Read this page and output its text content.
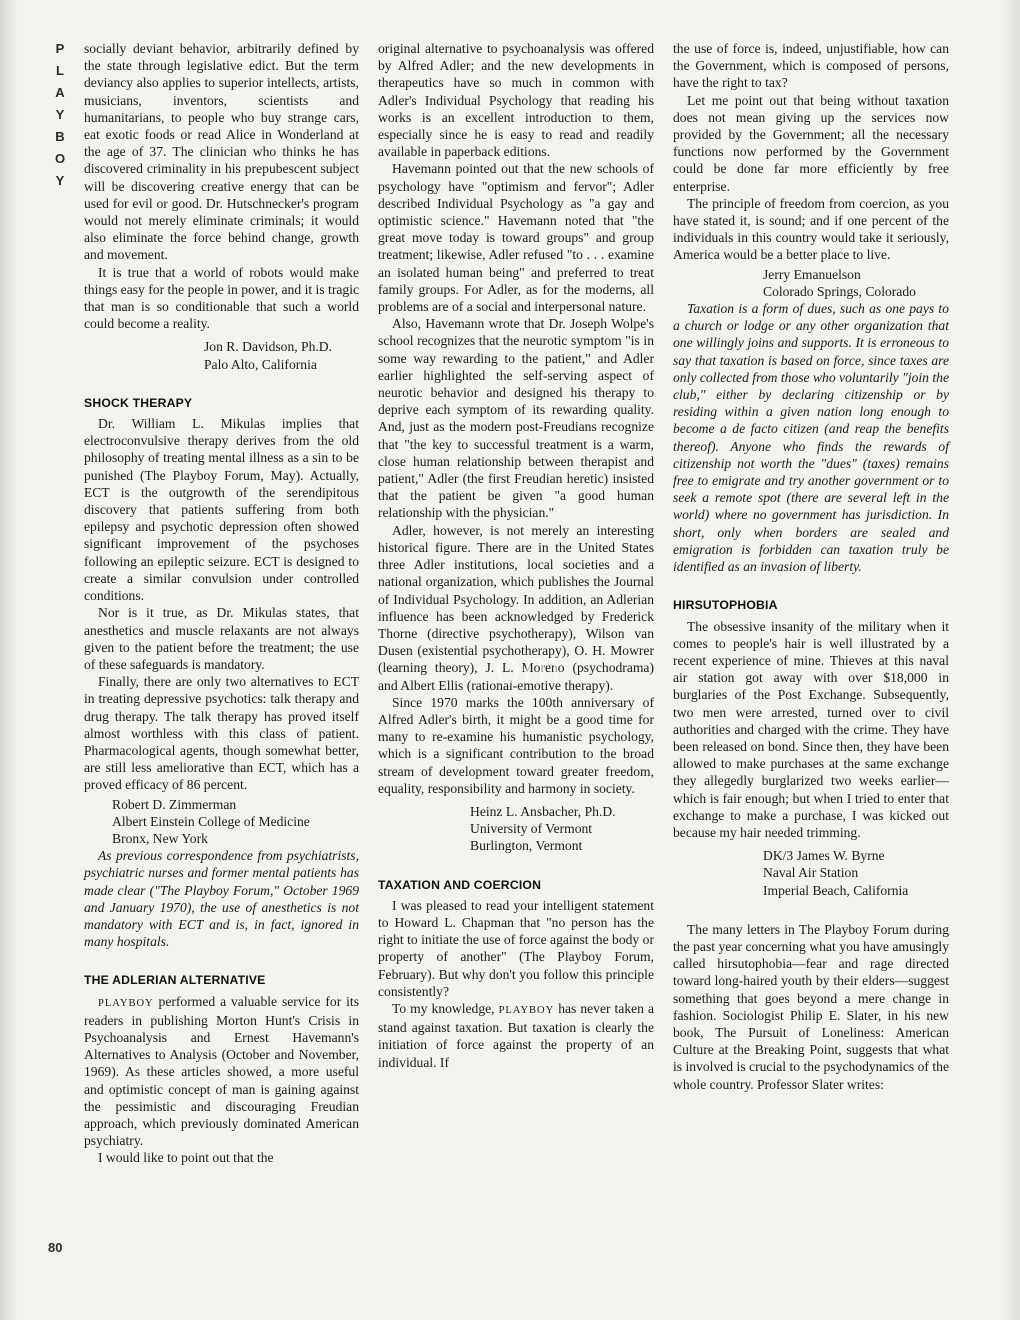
PLAYBOY
80

socially deviant behavior, arbitrarily defined by the state through legislative edict. But the term deviancy also applies to superior intellects, artists, musicians, inventors, scientists and humanitarians, to people who buy strange cars, eat exotic foods or read Alice in Wonderland at the age of 37. The clinician who thinks he has discovered criminality in his prepubescent subject will be discovering creative energy that can be used for evil or good. Dr. Hutschnecker's program would not merely eliminate criminals; it would also eliminate the force behind change, growth and movement.

It is true that a world of robots would make things easy for the people in power, and it is tragic that man is so conditionable that such a world could become a reality.

Jon R. Davidson, Ph.D.
Palo Alto, California
SHOCK THERAPY

Dr. William L. Mikulas implies that electroconvulsive therapy derives from the old philosophy of treating mental illness as a sin to be punished (The Playboy Forum, May). Actually, ECT is the outgrowth of the serendipitous discovery that patients suffering from both epilepsy and psychotic depression often showed significant improvement of the psychoses following an epileptic seizure. ECT is designed to create a similar convulsion under controlled conditions.

Nor is it true, as Dr. Mikulas states, that anesthetics and muscle relaxants are not always given to the patient before the treatment; the use of these safeguards is mandatory.

Finally, there are only two alternatives to ECT in treating depressive psychotics: talk therapy and drug therapy. The talk therapy has proved itself almost worthless with this class of patient. Pharmacological agents, though somewhat better, are still less ameliorative than ECT, which has a proved efficacy of 86 percent.

Robert D. Zimmerman
Albert Einstein College of Medicine
Bronx, New York

As previous correspondence from psychiatrists, psychiatric nurses and former mental patients has made clear ("The Playboy Forum," October 1969 and January 1970), the use of anesthetics is not mandatory with ECT and is, in fact, ignored in many hospitals.

THE ADLERIAN ALTERNATIVE

PLAYBOY performed a valuable service for its readers in publishing Morton Hunt's Crisis in Psychoanalysis and Ernest Havemann's Alternatives to Analysis (October and November, 1969). As these articles showed, a more useful and optimistic concept of man is gaining against the pessimistic and discouraging Freudian approach, which previously dominated American psychiatry.

I would like to point out that the

original alternative to psychoanalysis was offered by Alfred Adler; and the new developments in therapeutics have so much in common with Adler's Individual Psychology that reading his works is an excellent introduction to them, especially since he is easy to read and readily available in paperback editions.

Havemann pointed out that the new schools of psychology have "optimism and fervor"; Adler described Individual Psychology as "a gay and optimistic science." Havemann noted that "the great move today is toward groups" and group treatment; likewise, Adler refused "to . . . examine an isolated human being" and preferred to treat family groups. For Adler, as for the moderns, all problems are of a social and interpersonal nature.

Also, Havemann wrote that Dr. Joseph Wolpe's school recognizes that the neurotic symptom "is in some way rewarding to the patient," and Adler earlier highlighted the self-serving aspect of neurotic behavior and designed his therapy to deprive each symptom of its rewarding quality. And, just as the modern post-Freudians recognize that "the key to successful treatment is a warm, close human relationship between therapist and patient," Adler (the first Freudian heretic) insisted that the patient be given "a good human relationship with the physician."

Adler, however, is not merely an interesting historical figure. There are in the United States three Adler institutions, local societies and a national organization, which publishes the Journal of Individual Psychology. In addition, an Adlerian influence has been acknowledged by Frederick Thorne (directive psychotherapy), Wilson van Dusen (existential psychotherapy), O. H. Mowrer (learning theory), J. L. Moreno (psychodrama) and Albert Ellis (rational-emotive therapy).

Since 1970 marks the 100th anniversary of Alfred Adler's birth, it might be a good time for many to re-examine his humanistic psychology, which is a significant contribution to the broad stream of development toward greater freedom, equality, responsibility and harmony in society.

Heinz L. Ansbacher, Ph.D.
University of Vermont
Burlington, Vermont
TAXATION AND COERCION

I was pleased to read your intelligent statement to Howard L. Chapman that "no person has the right to initiate the use of force against the body or property of another" (The Playboy Forum, February). But why don't you follow this principle consistently?

To my knowledge, PLAYBOY has never taken a stand against taxation. But taxation is clearly the initiation of force against the property of an individual. If

the use of force is, indeed, unjustifiable, how can the Government, which is composed of persons, have the right to tax?

Let me point out that being without taxation does not mean giving up the services now provided by the Government; all the necessary functions now performed by the Government could be done far more efficiently by free enterprise.

The principle of freedom from coercion, as you have stated it, is sound; and if one percent of the individuals in this country would take it seriously, America would be a better place to live.

Jerry Emanuelson
Colorado Springs, Colorado

Taxation is a form of dues, such as one pays to a church or lodge or any other organization that one willingly joins and supports. It is erroneous to say that taxation is based on force, since taxes are only collected from those who voluntarily "join the club," either by declaring citizenship or by residing within a given nation long enough to become a de facto citizen (and reap the benefits thereof). Anyone who finds the rewards of citizenship not worth the "dues" (taxes) remains free to emigrate and try another government or to seek a remote spot (there are several left in the world) where no government has jurisdiction. In short, only when borders are sealed and emigration is forbidden can taxation truly be identified as an invasion of liberty.

HIRSUTOPHOBIA

The obsessive insanity of the military when it comes to people's hair is well illustrated by a recent experience of mine. Thieves at this naval air station got away with over $18,000 in burglaries of the Post Exchange. Subsequently, two men were arrested, turned over to civil authorities and charged with the crime. They have been released on bond. Since then, they have been allowed to make purchases at the same exchange they allegedly burglarized two weeks earlier—which is fair enough; but when I tried to enter that exchange to make a purchase, I was kicked out because my hair needed trimming.

DK/3 James W. Byrne
Naval Air Station
Imperial Beach, California

The many letters in The Playboy Forum during the past year concerning what you have amusingly called hirsutophobia—fear and rage directed toward long-haired youth by their elders—suggest something that goes beyond a mere change in fashion. Sociologist Philip E. Slater, in his new book, The Pursuit of Loneliness: American Culture at the Breaking Point, suggests that what is involved is crucial to the psychodynamics of the whole country. Professor Slater writes:

om
